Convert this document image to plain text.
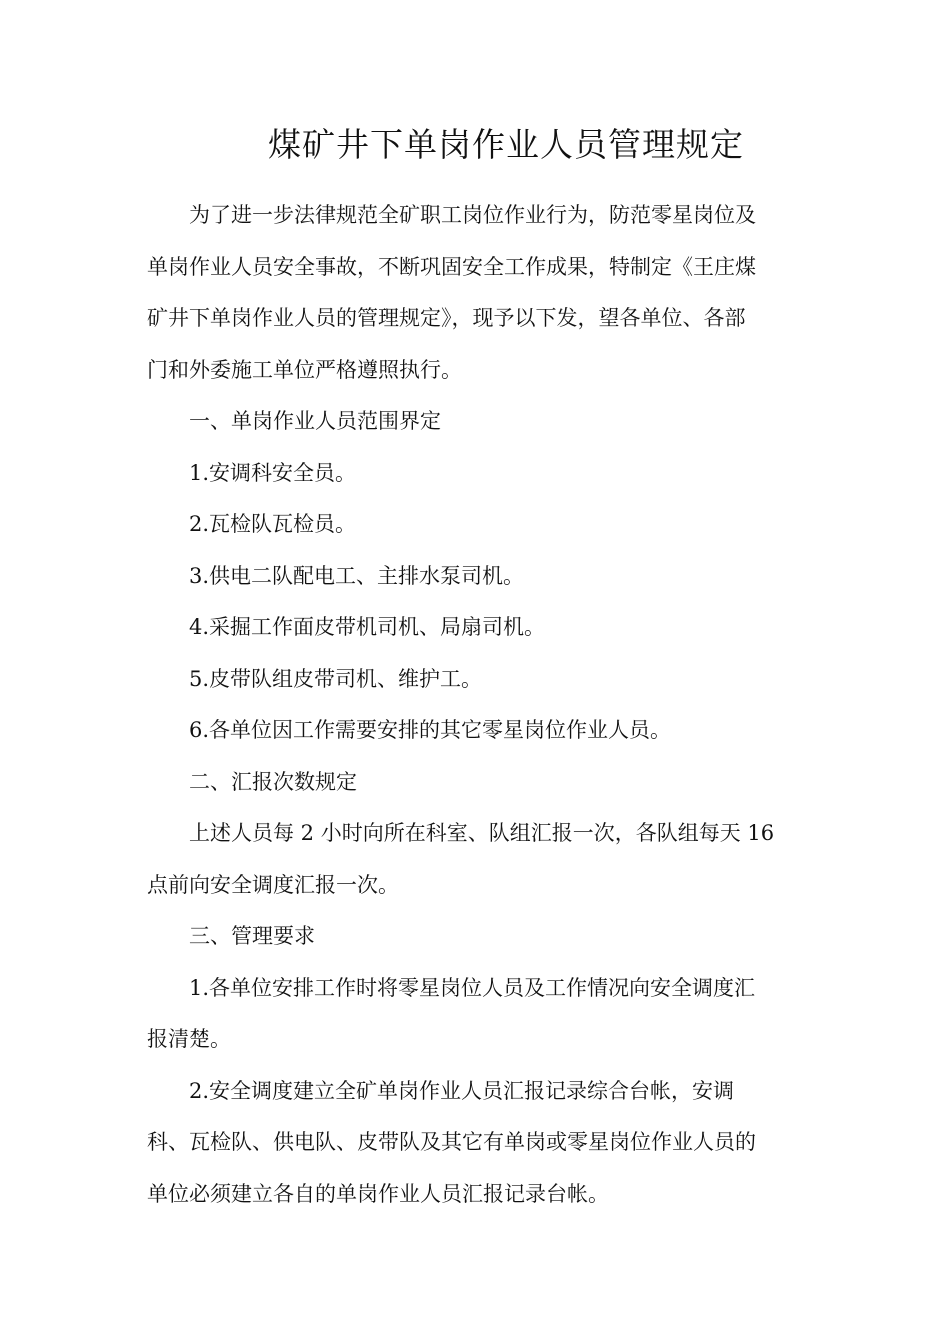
煤矿井下单岗作业人员管理规定
为了进一步法律规范全矿职工岗位作业行为，防范零星岗位及
单岗作业人员安全事故，不断巩固安全工作成果，特制定《王庄煤
矿井下单岗作业人员的管理规定》，现予以下发，望各单位、各部
门和外委施工单位严格遵照执行。
一、单岗作业人员范围界定
1.安调科安全员。
2.瓦检队瓦检员。
3.供电二队配电工、主排水泵司机。
4.采掘工作面皮带机司机、局扇司机。
5.皮带队组皮带司机、维护工。
6.各单位因工作需要安排的其它零星岗位作业人员。
二、汇报次数规定
上述人员每 2 小时向所在科室、队组汇报一次，各队组每天 16
点前向安全调度汇报一次。
三、管理要求
1.各单位安排工作时将零星岗位人员及工作情况向安全调度汇
报清楚。
2.安全调度建立全矿单岗作业人员汇报记录综合台帐，安调
科、瓦检队、供电队、皮带队及其它有单岗或零星岗位作业人员的
单位必须建立各自的单岗作业人员汇报记录台帐。
